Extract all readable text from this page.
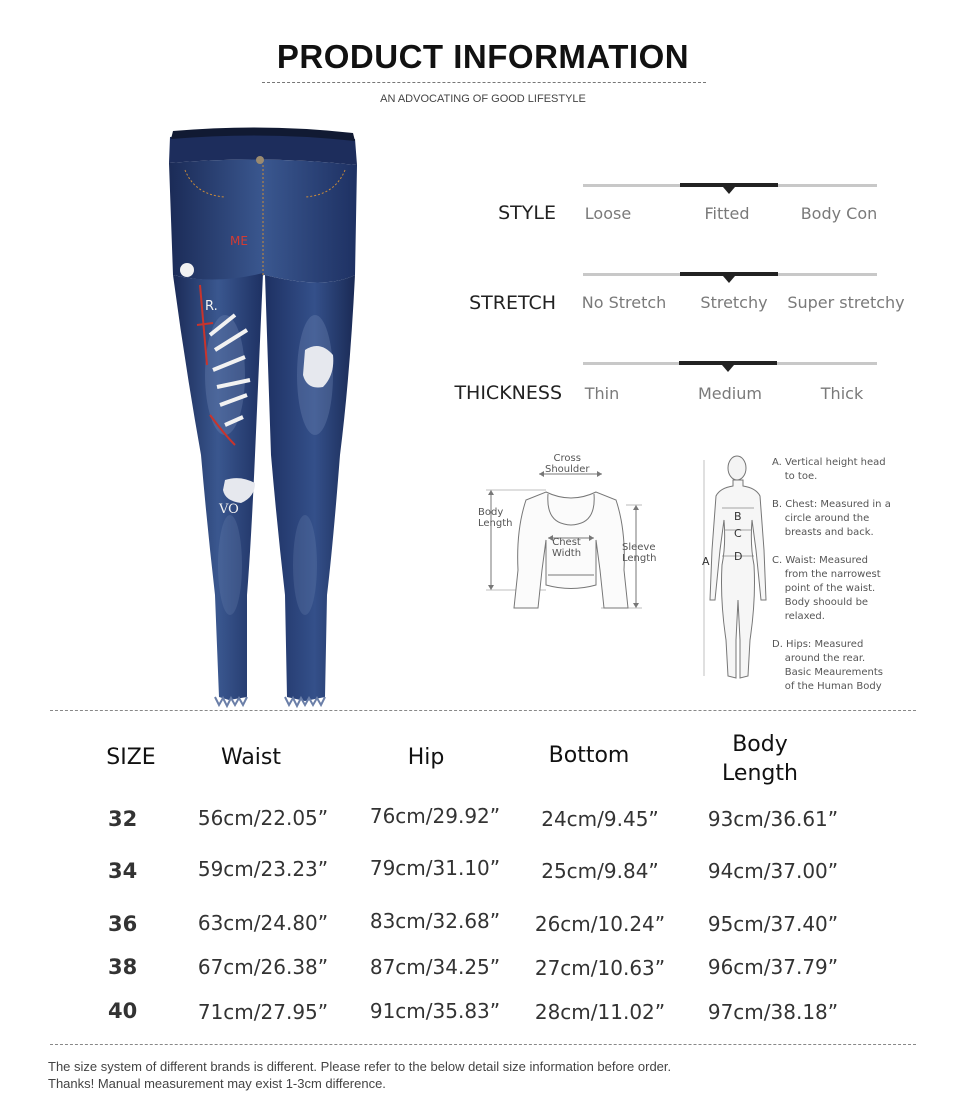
PRODUCT INFORMATION
AN ADVOCATING OF GOOD LIFESTYLE
ME
R.
VO
STYLE	Loose	Fitted	Body Con
STRETCH	No Stretch	Stretchy	Super stretchy
THICKNESS	Thin	Medium	Thick
Cross
Shoulder
Body
Length
Chest
Width
Sleeve
Length	A
B
C
D
A. Vertical height head
to toe.
B. Chest: Measured in a
circle around the
breasts and back.
C. Waist: Measured
from the narrowest
point of the waist.
Body shoould be
relaxed.
D. Hips: Measured
around the rear.
Basic Meaurements
of the Human Body
SIZE	Waist	Hip	Bottom	Body
Length
32	56cm/22.05”	76cm/29.92”	24cm/9.45”	93cm/36.61”
34	59cm/23.23”	79cm/31.10”	25cm/9.84”	94cm/37.00”
36	63cm/24.80”	83cm/32.68”	26cm/10.24”	95cm/37.40”
38	67cm/26.38”	87cm/34.25”	27cm/10.63”	96cm/37.79”
40	71cm/27.95”	91cm/35.83”	28cm/11.02”	97cm/38.18”
The size system of different brands is different. Please refer to the below detail size information before order.
Thanks! Manual measurement may exist 1-3cm difference.
